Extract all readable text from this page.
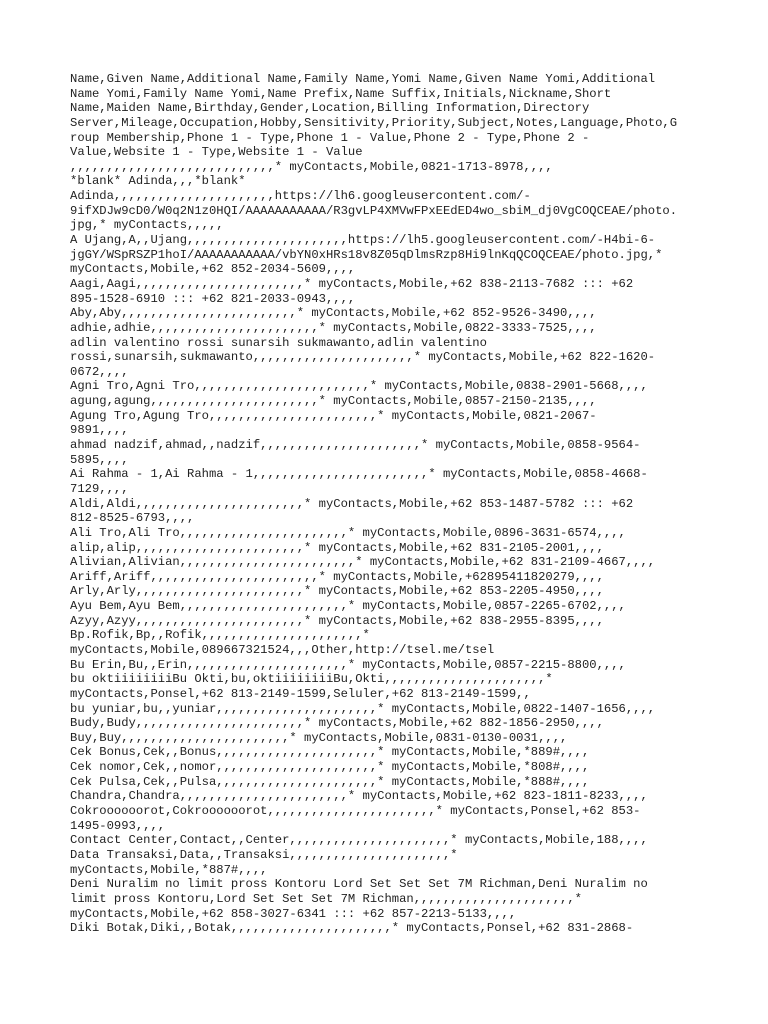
Name,Given Name,Additional Name,Family Name,Yomi Name,Given Name Yomi,Additional
Name Yomi,Family Name Yomi,Name Prefix,Name Suffix,Initials,Nickname,Short
Name,Maiden Name,Birthday,Gender,Location,Billing Information,Directory
Server,Mileage,Occupation,Hobby,Sensitivity,Priority,Subject,Notes,Language,Photo,G
roup Membership,Phone 1 - Type,Phone 1 - Value,Phone 2 - Type,Phone 2 -
Value,Website 1 - Type,Website 1 - Value
,,,,,,,,,,,,,,,,,,,,,,,,,,,,* myContacts,Mobile,0821-1713-8978,,,,
*blank* Adinda,,,*blank*
Adinda,,,,,,,,,,,,,,,,,,,,,,https://lh6.googleusercontent.com/-
9ifXDJw9cD0/W0q2N1z0HQI/AAAAAAAAAAA/R3gvLP4XMVwFPxEEdED4wo_sbiM_dj0VgCOQCEAE/photo.
jpg,* myContacts,,,,,
A Ujang,A,,Ujang,,,,,,,,,,,,,,,,,,,,,,https://lh5.googleusercontent.com/-H4bi-6-
jgGY/WSpRSZP1hoI/AAAAAAAAAAA/vbYN0xHRs18v8Z05qDlmsRzp8Hi9lnKqQCOQCEAE/photo.jpg,*
myContacts,Mobile,+62 852-2034-5609,,,,
Aagi,Aagi,,,,,,,,,,,,,,,,,,,,,,,* myContacts,Mobile,+62 838-2113-7682 ::: +62
895-1528-6910 ::: +62 821-2033-0943,,,,
Aby,Aby,,,,,,,,,,,,,,,,,,,,,,,,* myContacts,Mobile,+62 852-9526-3490,,,,
adhie,adhie,,,,,,,,,,,,,,,,,,,,,,,* myContacts,Mobile,0822-3333-7525,,,,
adlin valentino rossi sunarsih sukmawanto,adlin valentino
rossi,sunarsih,sukmawanto,,,,,,,,,,,,,,,,,,,,,,* myContacts,Mobile,+62 822-1620-
0672,,,,
Agni Tro,Agni Tro,,,,,,,,,,,,,,,,,,,,,,,,* myContacts,Mobile,0838-2901-5668,,,,
agung,agung,,,,,,,,,,,,,,,,,,,,,,,* myContacts,Mobile,0857-2150-2135,,,,
Agung Tro,Agung Tro,,,,,,,,,,,,,,,,,,,,,,,* myContacts,Mobile,0821-2067-
9891,,,,
ahmad nadzif,ahmad,,nadzif,,,,,,,,,,,,,,,,,,,,,,* myContacts,Mobile,0858-9564-
5895,,,,
Ai Rahma - 1,Ai Rahma - 1,,,,,,,,,,,,,,,,,,,,,,,,* myContacts,Mobile,0858-4668-
7129,,,,
Aldi,Aldi,,,,,,,,,,,,,,,,,,,,,,,* myContacts,Mobile,+62 853-1487-5782 ::: +62
812-8525-6793,,,,
Ali Tro,Ali Tro,,,,,,,,,,,,,,,,,,,,,,,* myContacts,Mobile,0896-3631-6574,,,,
alip,alip,,,,,,,,,,,,,,,,,,,,,,,* myContacts,Mobile,+62 831-2105-2001,,,,
Alivian,Alivian,,,,,,,,,,,,,,,,,,,,,,,,* myContacts,Mobile,+62 831-2109-4667,,,,
Ariff,Ariff,,,,,,,,,,,,,,,,,,,,,,,* myContacts,Mobile,+62895411820279,,,,
Arly,Arly,,,,,,,,,,,,,,,,,,,,,,,* myContacts,Mobile,+62 853-2205-4950,,,,
Ayu Bem,Ayu Bem,,,,,,,,,,,,,,,,,,,,,,,* myContacts,Mobile,0857-2265-6702,,,,
Azyy,Azyy,,,,,,,,,,,,,,,,,,,,,,,* myContacts,Mobile,+62 838-2955-8395,,,,
Bp.Rofik,Bp,,Rofik,,,,,,,,,,,,,,,,,,,,,,*
myContacts,Mobile,089667321524,,,Other,http://tsel.me/tsel
Bu Erin,Bu,,Erin,,,,,,,,,,,,,,,,,,,,,,* myContacts,Mobile,0857-2215-8800,,,,
bu oktiiiiiiiiBu Okti,bu,oktiiiiiiiiBu,Okti,,,,,,,,,,,,,,,,,,,,,,*
myContacts,Ponsel,+62 813-2149-1599,Seluler,+62 813-2149-1599,,
bu yuniar,bu,,yuniar,,,,,,,,,,,,,,,,,,,,,,* myContacts,Mobile,0822-1407-1656,,,,
Budy,Budy,,,,,,,,,,,,,,,,,,,,,,,* myContacts,Mobile,+62 882-1856-2950,,,,
Buy,Buy,,,,,,,,,,,,,,,,,,,,,,,* myContacts,Mobile,0831-0130-0031,,,,
Cek Bonus,Cek,,Bonus,,,,,,,,,,,,,,,,,,,,,,* myContacts,Mobile,*889#,,,,
Cek nomor,Cek,,nomor,,,,,,,,,,,,,,,,,,,,,,* myContacts,Mobile,*808#,,,,
Cek Pulsa,Cek,,Pulsa,,,,,,,,,,,,,,,,,,,,,,* myContacts,Mobile,*888#,,,,
Chandra,Chandra,,,,,,,,,,,,,,,,,,,,,,,* myContacts,Mobile,+62 823-1811-8233,,,,
Cokroooooorot,Cokroooooorot,,,,,,,,,,,,,,,,,,,,,,,* myContacts,Ponsel,+62 853-
1495-0993,,,,
Contact Center,Contact,,Center,,,,,,,,,,,,,,,,,,,,,,* myContacts,Mobile,188,,,,
Data Transaksi,Data,,Transaksi,,,,,,,,,,,,,,,,,,,,,,*
myContacts,Mobile,*887#,,,,
Deni Nuralim no limit pross Kontoru Lord Set Set Set 7M Richman,Deni Nuralim no
limit pross Kontoru,Lord Set Set Set 7M Richman,,,,,,,,,,,,,,,,,,,,,,*
myContacts,Mobile,+62 858-3027-6341 ::: +62 857-2213-5133,,,,
Diki Botak,Diki,,Botak,,,,,,,,,,,,,,,,,,,,,,* myContacts,Ponsel,+62 831-2868-
